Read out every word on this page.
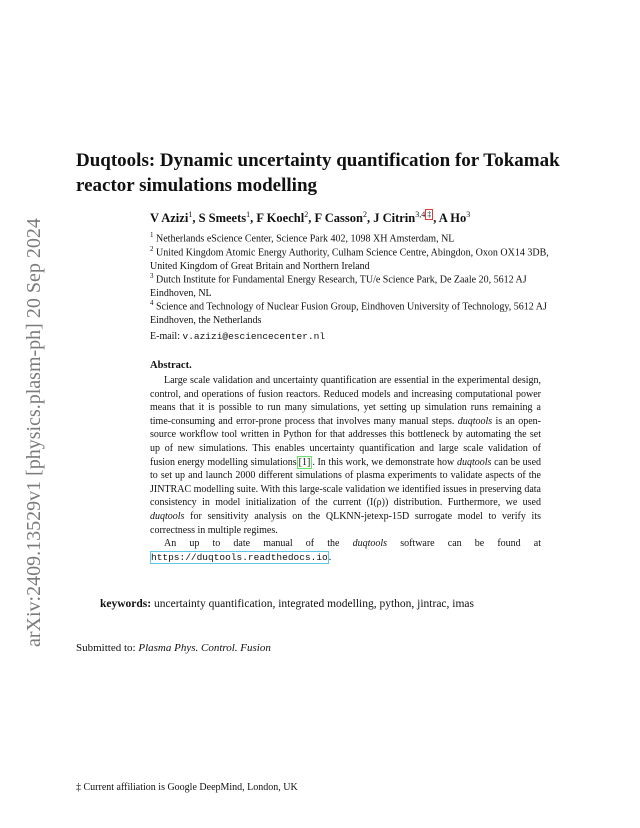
arXiv:2409.13529v1 [physics.plasm-ph] 20 Sep 2024
Duqtools: Dynamic uncertainty quantification for Tokamak reactor simulations modelling
V Azizi$^1$, S Smeets$^1$, F Koechl$^2$, F Casson$^2$, J Citrin$^{3,4}$ ‡ , A Ho$^3$
$^1$ Netherlands eScience Center, Science Park 402, 1098 XH Amsterdam, NL
$^2$ United Kingdom Atomic Energy Authority, Culham Science Centre, Abingdon, Oxon OX14 3DB, United Kingdom of Great Britain and Northern Ireland
$^3$ Dutch Institute for Fundamental Energy Research, TU/e Science Park, De Zaale 20, 5612 AJ Eindhoven, NL
$^4$ Science and Technology of Nuclear Fusion Group, Eindhoven University of Technology, 5612 AJ Eindhoven, the Netherlands
E-mail: v.azizi@esciencecenter.nl
Abstract.

Large scale validation and uncertainty quantification are essential in the experimental design, control, and operations of fusion reactors. Reduced models and increasing computational power means that it is possible to run many simulations, yet setting up simulation runs remaining a time-consuming and error-prone process that involves many manual steps. duqtools is an open-source workflow tool written in Python for that addresses this bottleneck by automating the set up of new simulations. This enables uncertainty quantification and large scale validation of fusion energy modelling simulations [1] . In this work, we demonstrate how duqtools can be used to set up and launch 2000 different simulations of plasma experiments to validate aspects of the JINTRAC modelling suite. With this large-scale validation we identified issues in preserving data consistency in model initialization of the current (I(ρ)) distribution. Furthermore, we used duqtools for sensitivity analysis on the QLKNN-jetexp-15D surrogate model to verify its correctness in multiple regimes.

An up to date manual of the duqtools software can be found at https://duqtools.readthedocs.io.

keywords: uncertainty quantification, integrated modelling, python, jintrac, imas
Submitted to: Plasma Phys. Control. Fusion
‡ Current affiliation is Google DeepMind, London, UK
